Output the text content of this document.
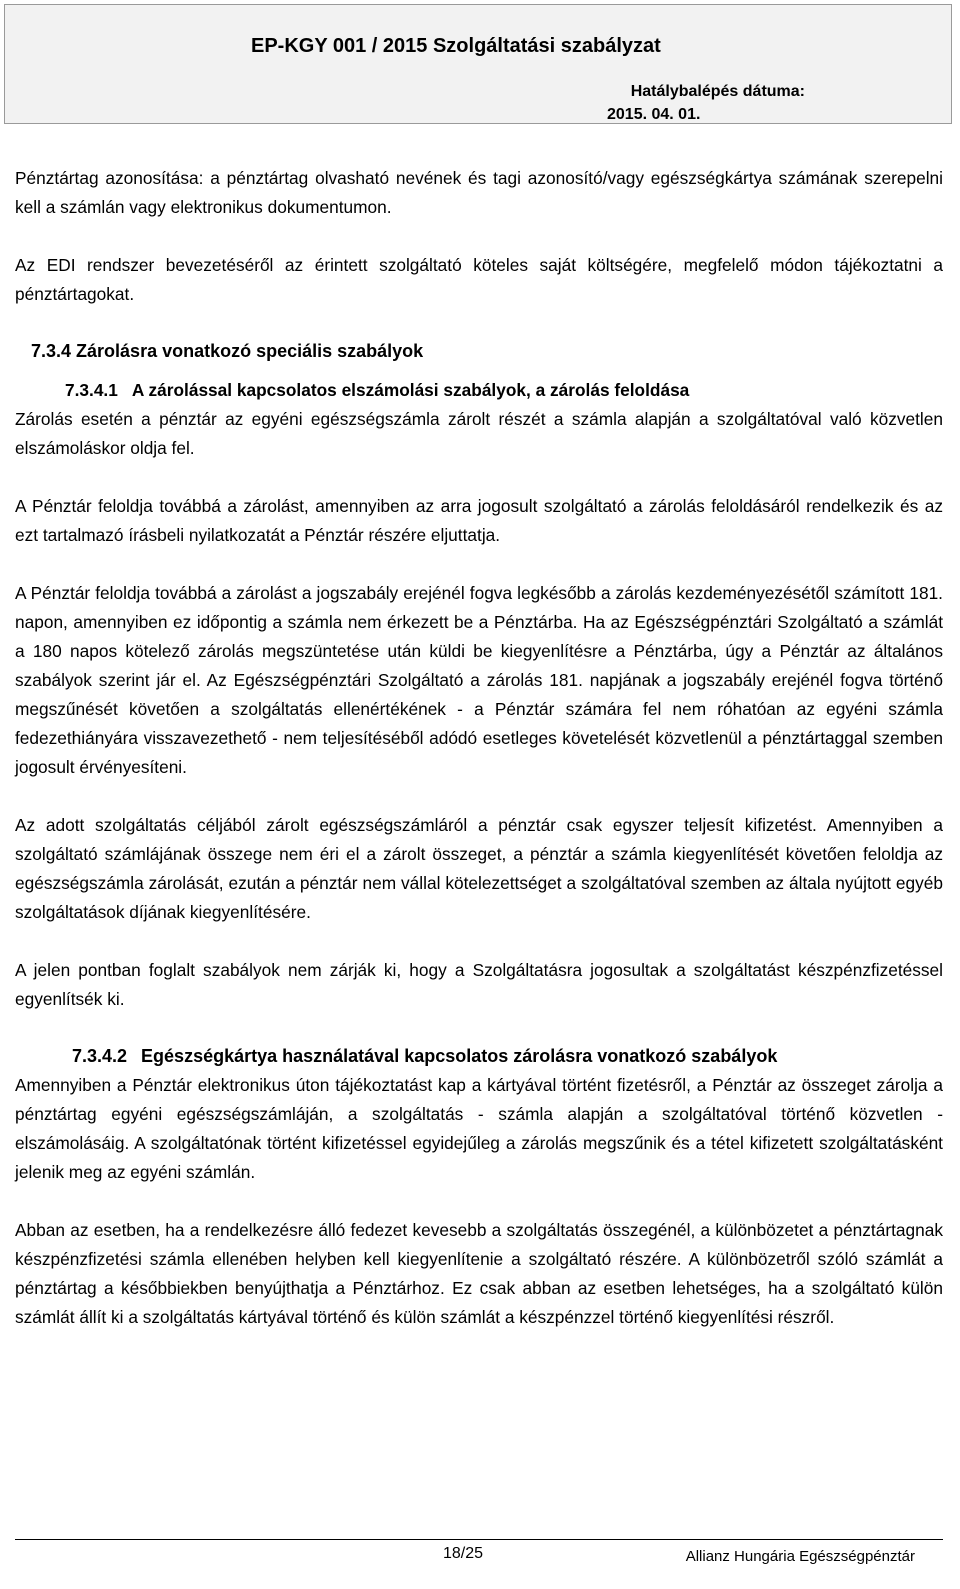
EP-KGY 001 / 2015 Szolgáltatási szabályzat
Hatálybalépés dátuma:
2015. 04. 01.

Pénztártag azonosítása: a pénztártag olvasható nevének és tagi azonosító/vagy egészségkártya számának szerepelni kell a számlán vagy elektronikus dokumentumon.

Az EDI rendszer bevezetéséről az érintett szolgáltató köteles saját költségére, megfelelő módon tájékoztatni a pénztártagokat.

7.3.4 Zárolásra vonatkozó speciális szabályok
7.3.4.1 A zárolással kapcsolatos elszámolási szabályok, a zárolás feloldása

Zárolás esetén a pénztár az egyéni egészségszámla zárolt részét a számla alapján a szolgáltatóval való közvetlen elszámoláskor oldja fel.

A Pénztár feloldja továbbá a zárolást, amennyiben az arra jogosult szolgáltató a zárolás feloldásáról rendelkezik és az ezt tartalmazó írásbeli nyilatkozatát a Pénztár részére eljuttatja.

A Pénztár feloldja továbbá a zárolást a jogszabály erejénél fogva legkésőbb a zárolás kezdeményezésétől számított 181. napon, amennyiben ez időpontig a számla nem érkezett be a Pénztárba. Ha az Egészségpénztári Szolgáltató a számlát a 180 napos kötelező zárolás megszüntetése után küldi be kiegyenlítésre a Pénztárba, úgy a Pénztár az általános szabályok szerint jár el. Az Egészségpénztári Szolgáltató a zárolás 181. napjának a jogszabály erejénél fogva történő megszűnését követően a szolgáltatás ellenértékének - a Pénztár számára fel nem róhatóan az egyéni számla fedezethiányára visszavezethető - nem teljesítéséből adódó esetleges követelését közvetlenül a pénztártaggal szemben jogosult érvényesíteni.

Az adott szolgáltatás céljából zárolt egészségszámláról a pénztár csak egyszer teljesít kifizetést. Amennyiben a szolgáltató számlájának összege nem éri el a zárolt összeget, a pénztár a számla kiegyenlítését követően feloldja az egészségszámla zárolását, ezután a pénztár nem vállal kötelezettséget a szolgáltatóval szemben az általa nyújtott egyéb szolgáltatások díjának kiegyenlítésére.

A jelen pontban foglalt szabályok nem zárják ki, hogy a Szolgáltatásra jogosultak a szolgáltatást készpénzfizetéssel egyenlítsék ki.

7.3.4.2 Egészségkártya használatával kapcsolatos zárolásra vonatkozó szabályok

Amennyiben a Pénztár elektronikus úton tájékoztatást kap a kártyával történt fizetésről, a Pénztár az összeget zárolja a pénztártag egyéni egészségszámláján, a szolgáltatás - számla alapján a szolgáltatóval történő közvetlen - elszámolásáig. A szolgáltatónak történt kifizetéssel egyidejűleg a zárolás megszűnik és a tétel kifizetett szolgáltatásként jelenik meg az egyéni számlán.

Abban az esetben, ha a rendelkezésre álló fedezet kevesebb a szolgáltatás összegénél, a különbözetet a pénztártagnak készpénzfizetési számla ellenében helyben kell kiegyenlítenie a szolgáltató részére. A különbözetről szóló számlát a pénztártag a későbbiekben benyújthatja a Pénztárhoz. Ez csak abban az esetben lehetséges, ha a szolgáltató külön számlát állít ki a szolgáltatás kártyával történő és külön számlát a készpénzzel történő kiegyenlítési részről.

18/25	Allianz Hungária Egészségpénztár
